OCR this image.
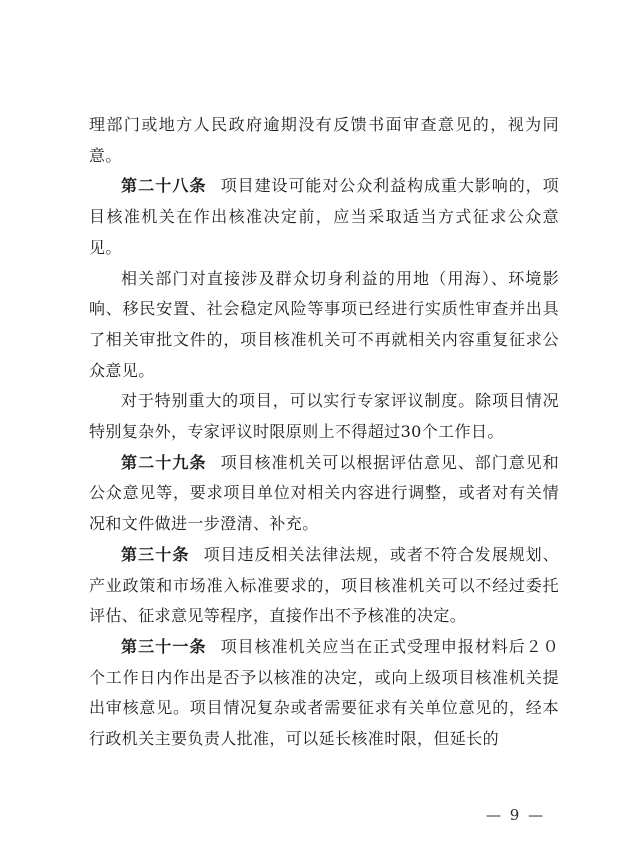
理部门或地方人民政府逾期没有反馈书面审查意见的，视为同意。

第二十八条 项目建设可能对公众利益构成重大影响的，项目核准机关在作出核准决定前，应当采取适当方式征求公众意见。

相关部门对直接涉及群众切身利益的用地（用海）、环境影响、移民安置、社会稳定风险等事项已经进行实质性审查并出具了相关审批文件的，项目核准机关可不再就相关内容重复征求公众意见。

对于特别重大的项目，可以实行专家评议制度。除项目情况特别复杂外，专家评议时限原则上不得超过30个工作日。

第二十九条 项目核准机关可以根据评估意见、部门意见和公众意见等，要求项目单位对相关内容进行调整，或者对有关情况和文件做进一步澄清、补充。

第三十条 项目违反相关法律法规，或者不符合发展规划、产业政策和市场准入标准要求的，项目核准机关可以不经过委托评估、征求意见等程序，直接作出不予核准的决定。

第三十一条 项目核准机关应当在正式受理申报材料后２０个工作日内作出是否予以核准的决定，或向上级项目核准机关提出审核意见。项目情况复杂或者需要征求有关单位意见的，经本行政机关主要负责人批准，可以延长核准时限，但延长的

— 9 —
